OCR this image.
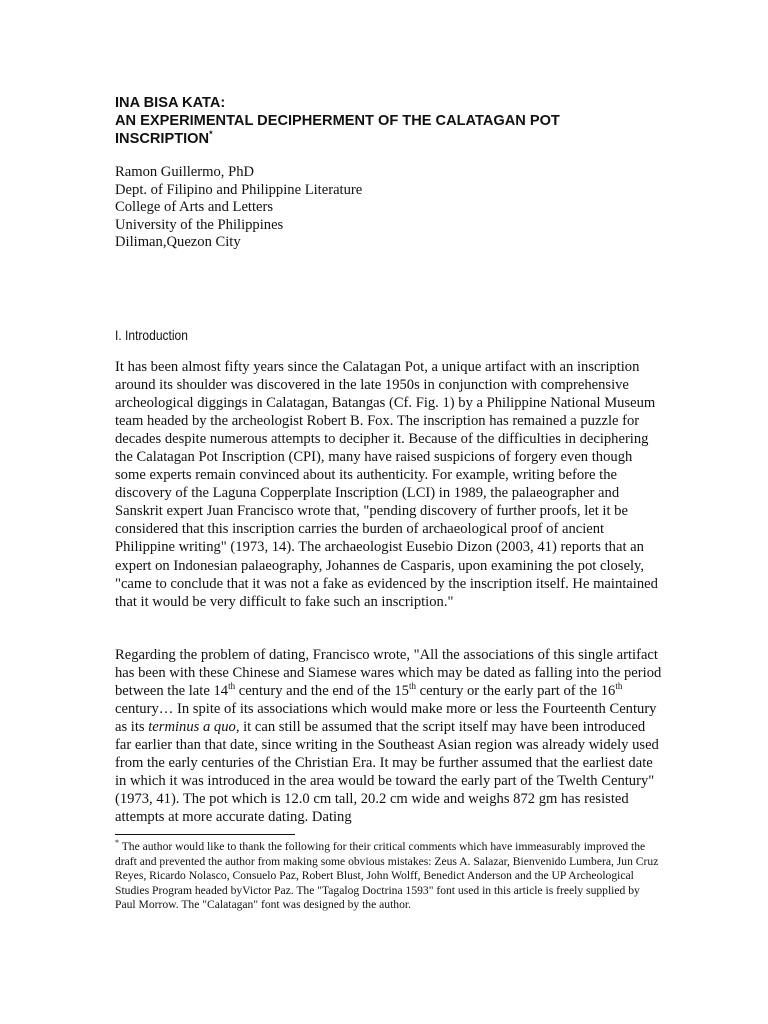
INA BISA KATA:
AN EXPERIMENTAL DECIPHERMENT OF THE CALATAGAN POT
INSCRIPTION*
Ramon Guillermo, PhD
Dept. of Filipino and Philippine Literature
College of Arts and Letters
University of the Philippines
Diliman,Quezon City
I. Introduction
It has been almost fifty years since the Calatagan Pot, a unique artifact with an inscription around its shoulder was discovered in the late 1950s in conjunction with comprehensive archeological diggings in Calatagan, Batangas (Cf. Fig. 1) by a Philippine National Museum team headed by the archeologist Robert B. Fox. The inscription has remained a puzzle for decades despite numerous attempts to decipher it. Because of the difficulties in deciphering the Calatagan Pot Inscription (CPI), many have raised suspicions of forgery even though some experts remain convinced about its authenticity. For example, writing before the discovery of the Laguna Copperplate Inscription (LCI) in 1989, the palaeographer and Sanskrit expert Juan Francisco wrote that, "pending discovery of further proofs, let it be considered that this inscription carries the burden of archaeological proof of ancient Philippine writing" (1973, 14). The archaeologist Eusebio Dizon (2003, 41) reports that an expert on Indonesian palaeography, Johannes de Casparis, upon examining the pot closely, "came to conclude that it was not a fake as evidenced by the inscription itself. He maintained that it would be very difficult to fake such an inscription."
Regarding the problem of dating, Francisco wrote, "All the associations of this single artifact has been with these Chinese and Siamese wares which may be dated as falling into the period between the late 14th century and the end of the 15th century or the early part of the 16th century… In spite of its associations which would make more or less the Fourteenth Century as its terminus a quo, it can still be assumed that the script itself may have been introduced far earlier than that date, since writing in the Southeast Asian region was already widely used from the early centuries of the Christian Era. It may be further assumed that the earliest date in which it was introduced in the area would be toward the early part of the Twelth Century" (1973, 41). The pot which is 12.0 cm tall, 20.2 cm wide and weighs 872 gm has resisted attempts at more accurate dating. Dating
* The author would like to thank the following for their critical comments which have immeasurably improved the draft and prevented the author from making some obvious mistakes: Zeus A. Salazar, Bienvenido Lumbera, Jun Cruz Reyes, Ricardo Nolasco, Consuelo Paz, Robert Blust, John Wolff, Benedict Anderson and the UP Archeological Studies Program headed byVictor Paz. The "Tagalog Doctrina 1593" font used in this article is freely supplied by Paul Morrow. The "Calatagan" font was designed by the author.
